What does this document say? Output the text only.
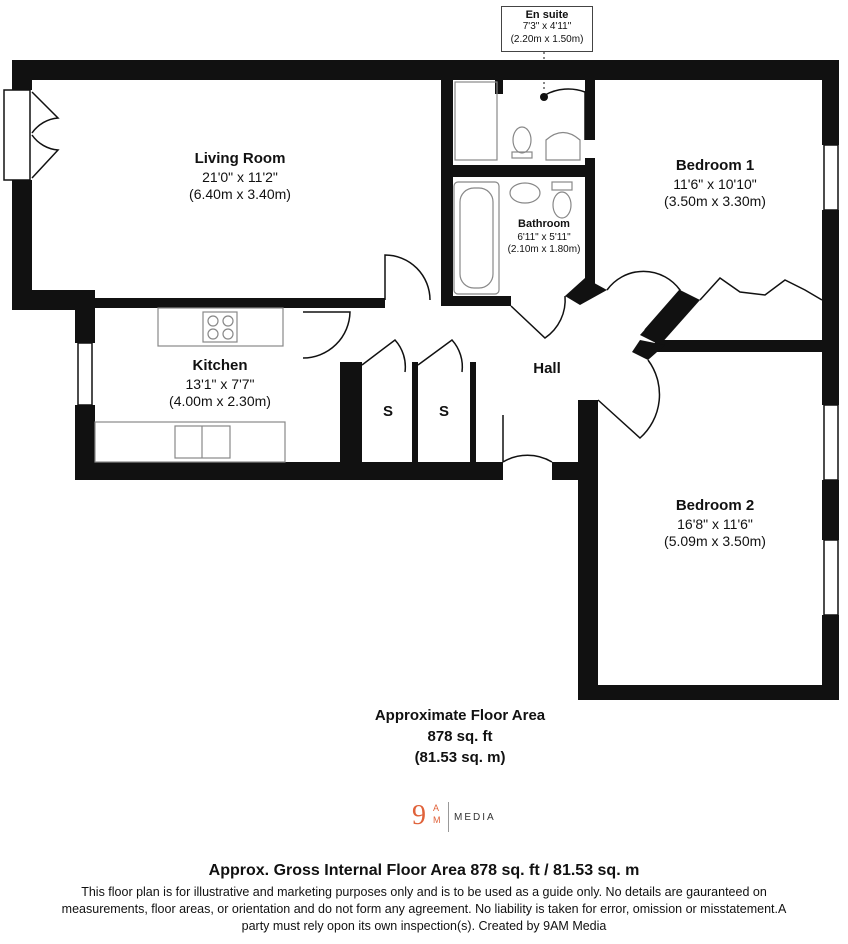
Living Room
21'0" x 11'2"
(6.40m x 3.40m)
Bedroom 1
11'6" x 10'10"
(3.50m x 3.30m)
Bedroom 2
16'8" x 11'6"
(5.09m x 3.50m)
Kitchen
13'1" x 7'7"
(4.00m x 2.30m)
Bathroom
6'11" x 5'11"
(2.10m x 1.80m)
En suite
7'3" x 4'11"
(2.20m x 1.50m)
Hall
S	S
Approximate Floor Area
878 sq. ft
(81.53 sq. m)
9 A
M MEDIA
Approx. Gross Internal Floor Area 878 sq. ft / 81.53 sq. m
This floor plan is for illustrative and marketing purposes only and is to be used as a guide only. No details are gauranteed on measurements, floor areas, or orientation and do not form any agreement. No liability is taken for error, omission or misstatement.A party must rely opon its own inspection(s). Created by 9AM Media
